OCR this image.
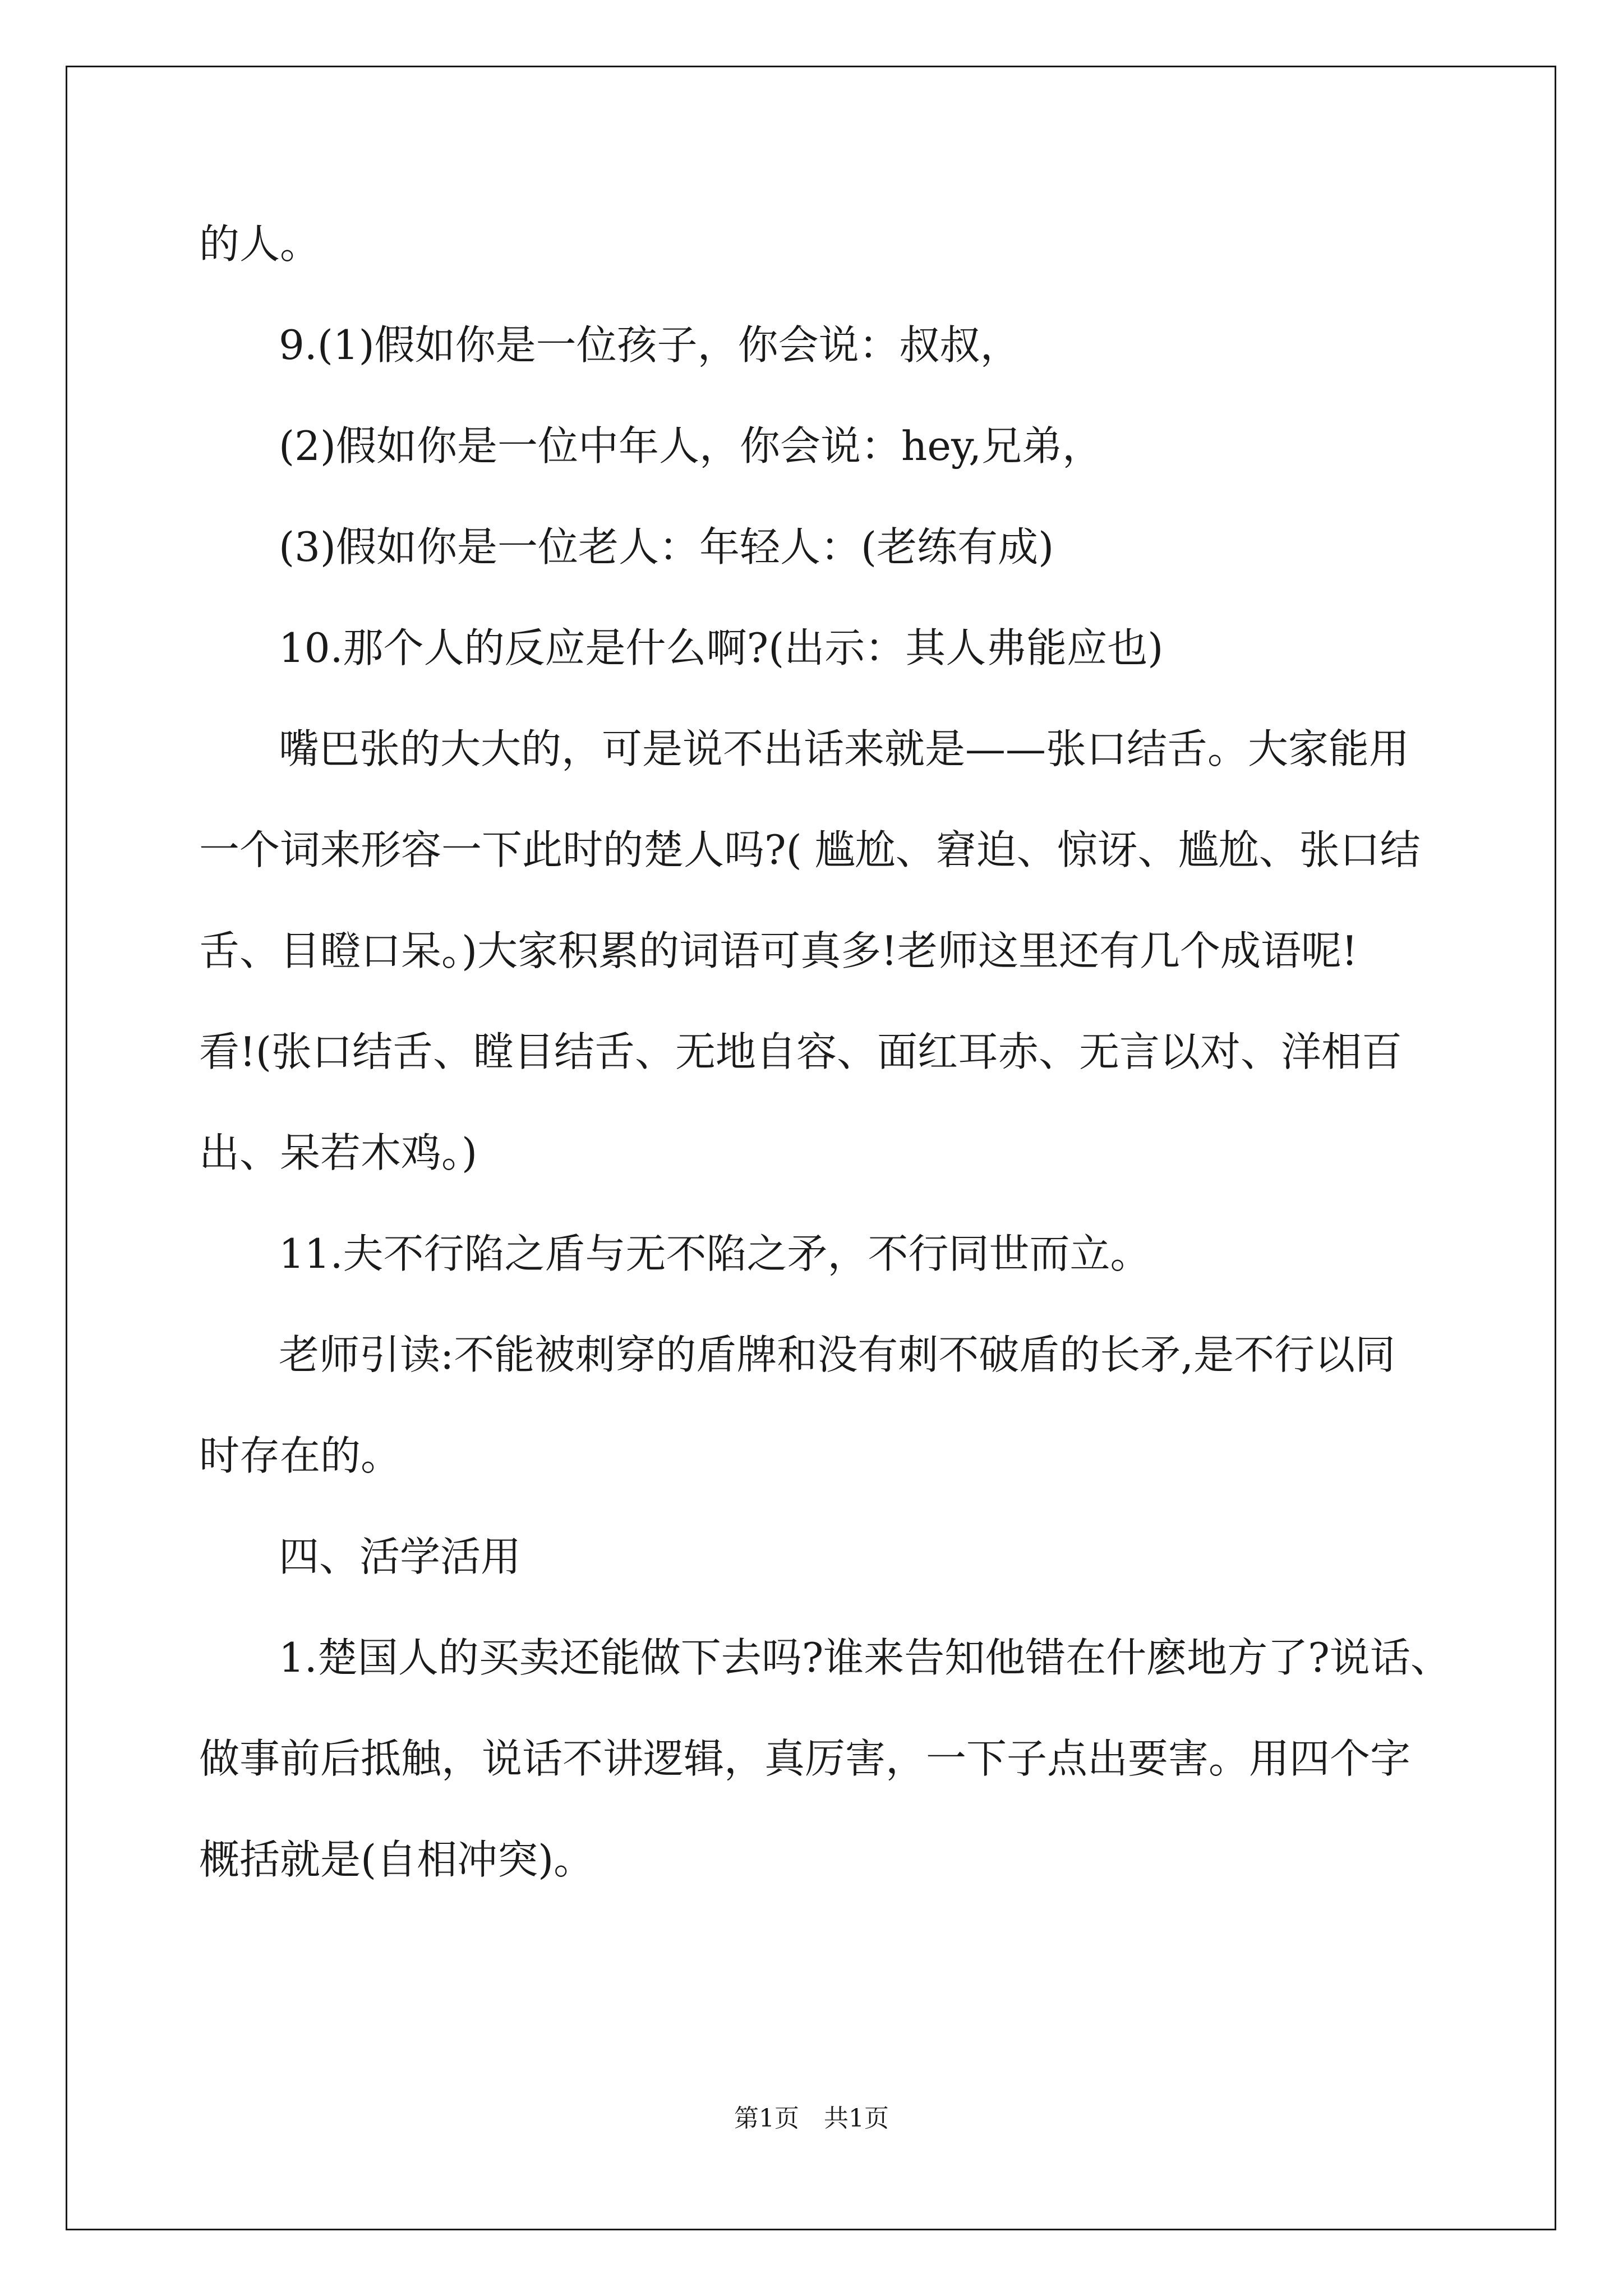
的人。
9.(1)假如你是一位孩子，你会说：叔叔，
(2)假如你是一位中年人，你会说：hey,兄弟，
(3)假如你是一位老人：年轻人：(老练有成)
10.那个人的反应是什么啊?(出示：其人弗能应也)
嘴巴张的大大的，可是说不出话来就是——张口结舌。大家能用
一个词来形容一下此时的楚人吗?( 尴尬、窘迫、惊讶、尴尬、张口结
舌、目瞪口呆。)大家积累的词语可真多!老师这里还有几个成语呢!
看!(张口结舌、瞠目结舌、无地自容、面红耳赤、无言以对、洋相百
出、呆若木鸡。)
11.夫不行陷之盾与无不陷之矛，不行同世而立。
老师引读:不能被刺穿的盾牌和没有刺不破盾的长矛,是不行以同
时存在的。
四、活学活用
1.楚国人的买卖还能做下去吗?谁来告知他错在什麽地方了?说话、
做事前后抵触，说话不讲逻辑，真厉害，一下子点出要害。用四个字
概括就是(自相冲突)。
第1页　共1页
